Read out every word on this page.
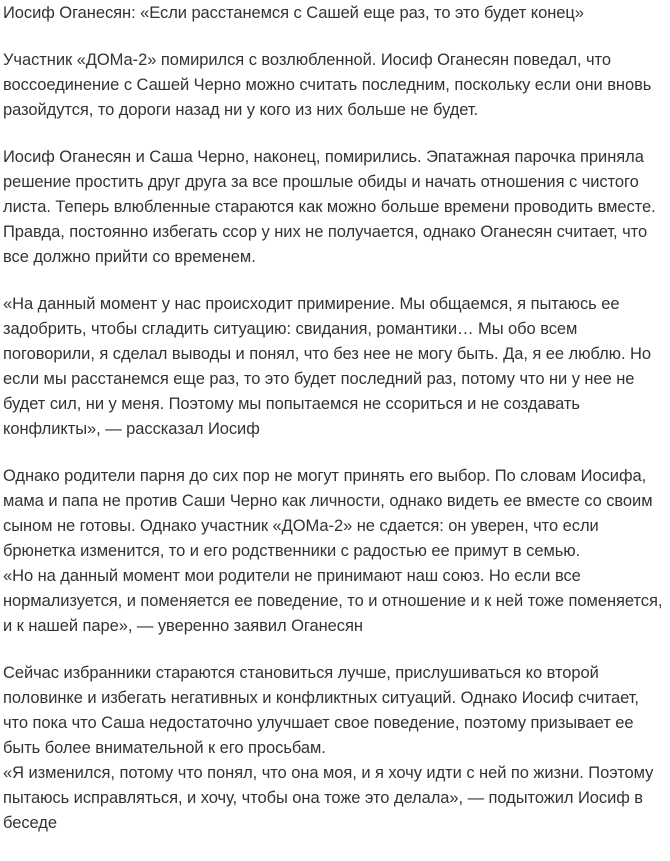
Иосиф Оганесян: «Если расстанемся с Сашей еще раз, то это будет конец»

Участник «ДОМа-2» помирился с возлюбленной. Иосиф Оганесян поведал, что воссоединение с Сашей Черно можно считать последним, поскольку если они вновь разойдутся, то дороги назад ни у кого из них больше не будет.

Иосиф Оганесян и Саша Черно, наконец, помирились. Эпатажная парочка приняла решение простить друг друга за все прошлые обиды и начать отношения с чистого листа. Теперь влюбленные стараются как можно больше времени проводить вместе. Правда, постоянно избегать ссор у них не получается, однако Оганесян считает, что все должно прийти со временем.

«На данный момент у нас происходит примирение. Мы общаемся, я пытаюсь ее задобрить, чтобы сгладить ситуацию: свидания, романтики… Мы обо всем поговорили, я сделал выводы и понял, что без нее не могу быть. Да, я ее люблю. Но если мы расстанемся еще раз, то это будет последний раз, потому что ни у нее не будет сил, ни у меня. Поэтому мы попытаемся не ссориться и не создавать конфликты», — рассказал Иосиф

Однако родители парня до сих пор не могут принять его выбор. По словам Иосифа, мама и папа не против Саши Черно как личности, однако видеть ее вместе со своим сыном не готовы. Однако участник «ДОМа-2» не сдается: он уверен, что если брюнетка изменится, то и его родственники с радостью ее примут в семью.

«Но на данный момент мои родители не принимают наш союз. Но если все нормализуется, и поменяется ее поведение, то и отношение и к ней тоже поменяется, и к нашей паре», — уверенно заявил Оганесян

Сейчас избранники стараются становиться лучше, прислушиваться ко второй половинке и избегать негативных и конфликтных ситуаций. Однако Иосиф считает, что пока что Саша недостаточно улучшает свое поведение, поэтому призывает ее быть более внимательной к его просьбам.

«Я изменился, потому что понял, что она моя, и я хочу идти с ней по жизни. Поэтому пытаюсь исправляться, и хочу, чтобы она тоже это делала», — подытожил Иосиф в беседе
